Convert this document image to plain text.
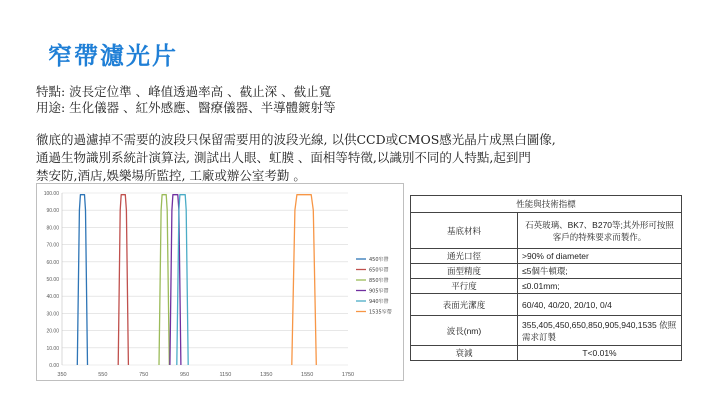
窄帶濾光片
特點: 波長定位準 、峰值透過率高 、截止深 、截止寬
用途: 生化儀器 、紅外感應、醫療儀器、半導體鍍射等
徹底的過濾掉不需要的波段只保留需要用的波段光線, 以供CCD或CMOS感光晶片成黑白圖像,
通過生物識別系統計演算法, 測試出人眼、虹膜 、面相等特徵,以識別不同的人特點,起到門
禁安防,酒店,娛樂場所監控, 工廠或辦公室考勤 。
0.00
10.00
20.00
30.00
40.00
50.00
60.00
70.00
80.00
90.00
100.00
350	550	750	950	1150	1350	1550	1750
450窄帶
650窄帶
850窄帶
905窄帶
940窄帶
1535窄帶
性能與技術指標	
基底材料	石英玻璃、BK7、B270等;其外形可按照客戶的特殊要求而製作。
通光口徑	>90% of diameter
面型精度	≤5個牛頓環;
平行度	≤0.01mm;
表面光潔度	60/40, 40/20, 20/10, 0/4
波長(nm)	355,405,450,650,850,905,940,1535 依照需求訂製
衰減	T<0.01%
